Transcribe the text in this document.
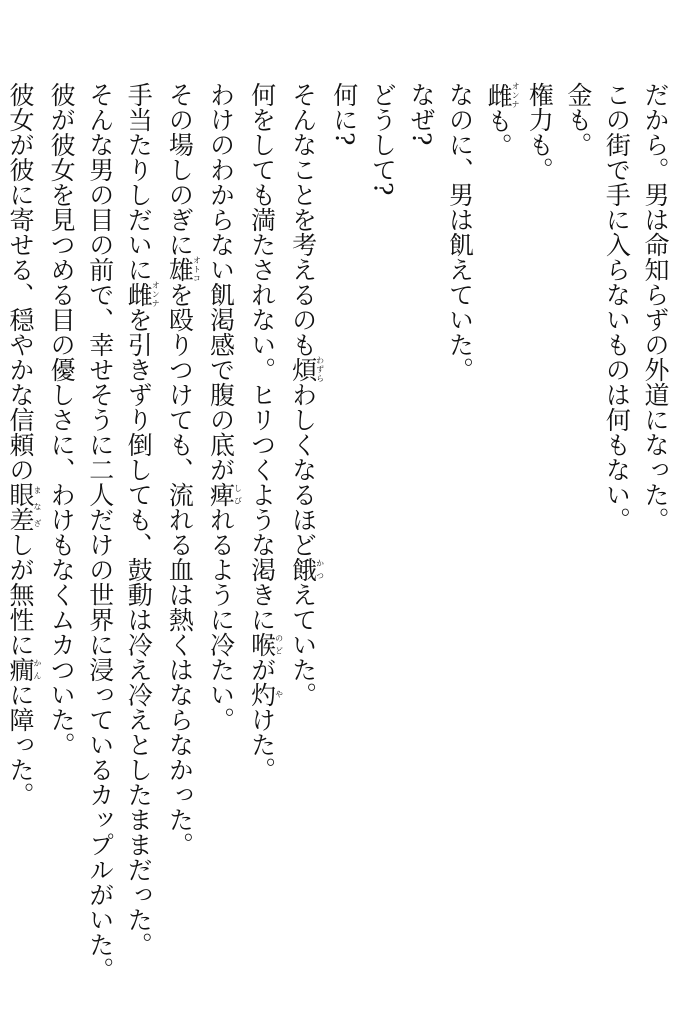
だから。男は命知らずの外道になった。
この街で手に入らないものは何もない。
金も。
権力も。
雌オンナも。
なのに、男は飢えていた。
なぜ?
どうして?
何に?
そんなことを考えるのも煩わずらわしくなるほど餓かつえていた。
何をしても満たされない。ヒリつくような渇きに喉のどが灼やけた。
わけのわからない飢渇感で腹の底が痺しびれるように冷たい。
その場しのぎに雄オトコを殴りつけても、流れる血は熱くはならなかった。
手当たりしだいに雌オンナを引きずり倒しても、鼓動は冷え冷えとしたままだった。
そんな男の目の前で、幸せそうに二人だけの世界に浸っているカップルがいた。
彼が彼女を見つめる目の優しさに、わけもなくムカついた。
彼女が彼に寄せる、穏やかな信頼の眼差まなざしが無性に癇かんに障った。
